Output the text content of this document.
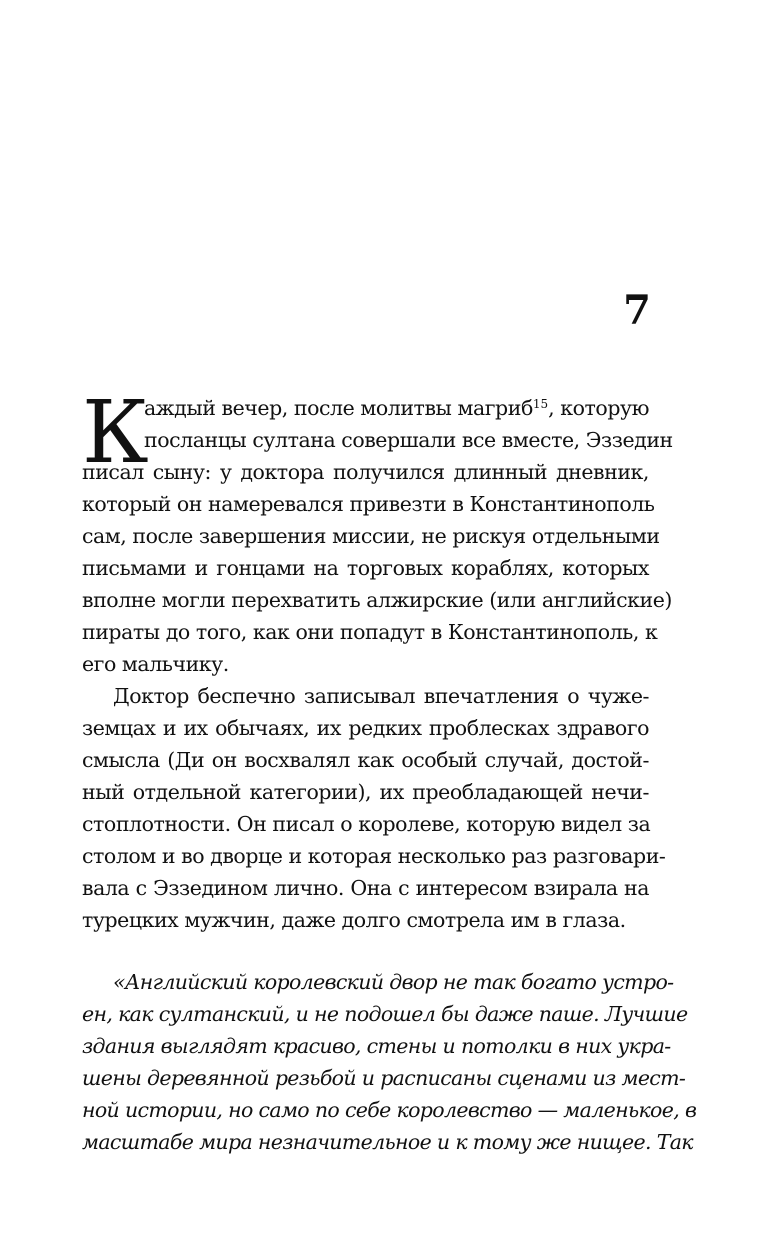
7
К
аждый вечер, после молитвы магриб$^{15}$, которую
посланцы султана совершали все вместе, Эззедин
писал сыну: у доктора получился длинный дневник,
который он намеревался привезти в Константинополь
сам, после завершения миссии, не рискуя отдельными
письмами и гонцами на торговых кораблях, которых
вполне могли перехватить алжирские (или английские)
пираты до того, как они попадут в Константинополь, к
его мальчику.
Доктор беспечно записывал впечатления о чуже-
земцах и их обычаях, их редких проблесках здравого
смысла (Ди он восхвалял как особый случай, достой-
ный отдельной категории), их преобладающей нечи-
стоплотности. Он писал о королеве, которую видел за
столом и во дворце и которая несколько раз разговари-
вала с Эззедином лично. Она с интересом взирала на
турецких мужчин, даже долго смотрела им в глаза.
«Английский королевский двор не так богато устро-
ен, как султанский, и не подошел бы даже паше. Лучшие
здания выглядят красиво, стены и потолки в них укра-
шены деревянной резьбой и расписаны сценами из мест-
ной истории, но само по себе королевство — маленькое, в
масштабе мира незначительное и к тому же нищее. Так
